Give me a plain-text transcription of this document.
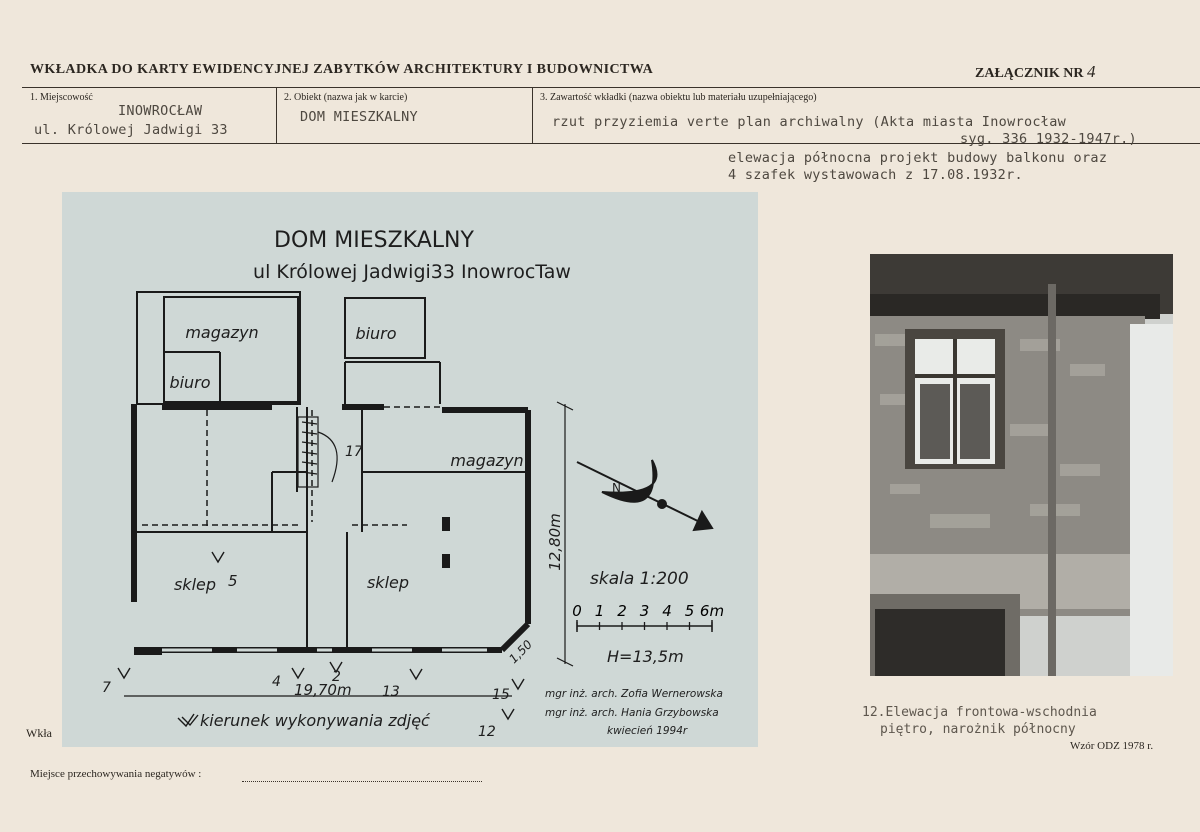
WKŁADKA DO KARTY EWIDENCYJNEJ ZABYTKÓW ARCHITEKTURY I BUDOWNICTWA	ZAŁĄCZNIK NR 4
1. Miejscowość
INOWROCŁAW
ul. Królowej Jadwigi 33
2. Obiekt (nazwa jak w karcie)
DOM MIESZKALNY
3. Zawartość wkładki (nazwa obiektu lub materiału uzupełniającego)
rzut przyziemia verte plan archiwalny (Akta miasta Inowrocław
syg. 336 1932-1947r.)
elewacja północna projekt budowy balkonu oraz
4 szafek wystawowach z 17.08.1932r.
Wkła
DOM MIESZKALNY
ul Królowej Jadwigi33 InowrocTaw
magazyn
biuro
biuro
magazyn
sklep	sklep
5
17
12,80m
19,70m
1,50
7	4	2
13	15
12
skala 1:200
0 1 2 3 4 5 6m
H=13,5m
N
kierunek wykonywania zdjęć
mgr inż. arch. Zofia Wernerowska
mgr inż. arch. Hania Grzybowska
kwiecień 1994r
12.Elewacja frontowa-wschodnia
piętro, narożnik północny
Wzór ODZ 1978 r.
Miejsce przechowywania negatywów :
